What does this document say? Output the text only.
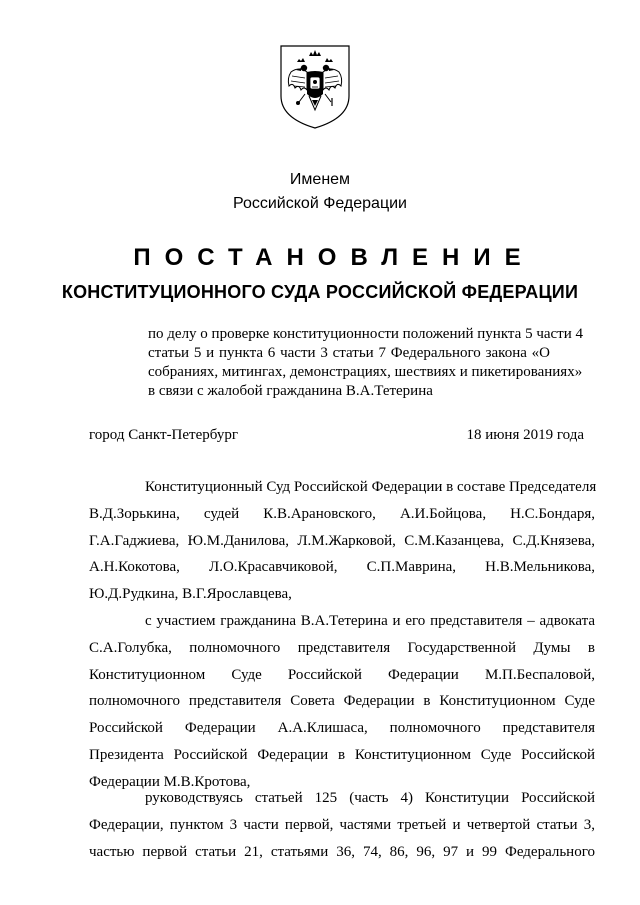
Именем
Российской Федерации
ПОСТАНОВЛЕНИЕ
КОНСТИТУЦИОННОГО СУДА РОССИЙСКОЙ ФЕДЕРАЦИИ
по делу о проверке конституционности положений пункта 5 части 4
статьи 5 и пункта 6 части 3 статьи 7 Федерального закона «О
собраниях, митингах, демонстрациях, шествиях и пикетированиях»
в связи с жалобой гражданина В.А.Тетерина
город Санкт-Петербург	18 июня 2019 года
Конституционный Суд Российской Федерации в составе Председателя
В.Д.Зорькина, судей К.В.Арановского, А.И.Бойцова, Н.С.Бондаря,
Г.А.Гаджиева, Ю.М.Данилова, Л.М.Жарковой, С.М.Казанцева, С.Д.Князева,
А.Н.Кокотова, Л.О.Красавчиковой, С.П.Маврина, Н.В.Мельникова,
Ю.Д.Рудкина, В.Г.Ярославцева,
с участием гражданина В.А.Тетерина и его представителя – адвоката
С.А.Голубка, полномочного представителя Государственной Думы в
Конституционном Суде Российской Федерации М.П.Беспаловой,
полномочного представителя Совета Федерации в Конституционном Суде
Российской Федерации А.А.Клишаса, полномочного представителя
Президента Российской Федерации в Конституционном Суде Российской
Федерации М.В.Кротова,
руководствуясь статьей 125 (часть 4) Конституции Российской
Федерации, пунктом 3 части первой, частями третьей и четвертой статьи 3,
частью первой статьи 21, статьями 36, 74, 86, 96, 97 и 99 Федерального
